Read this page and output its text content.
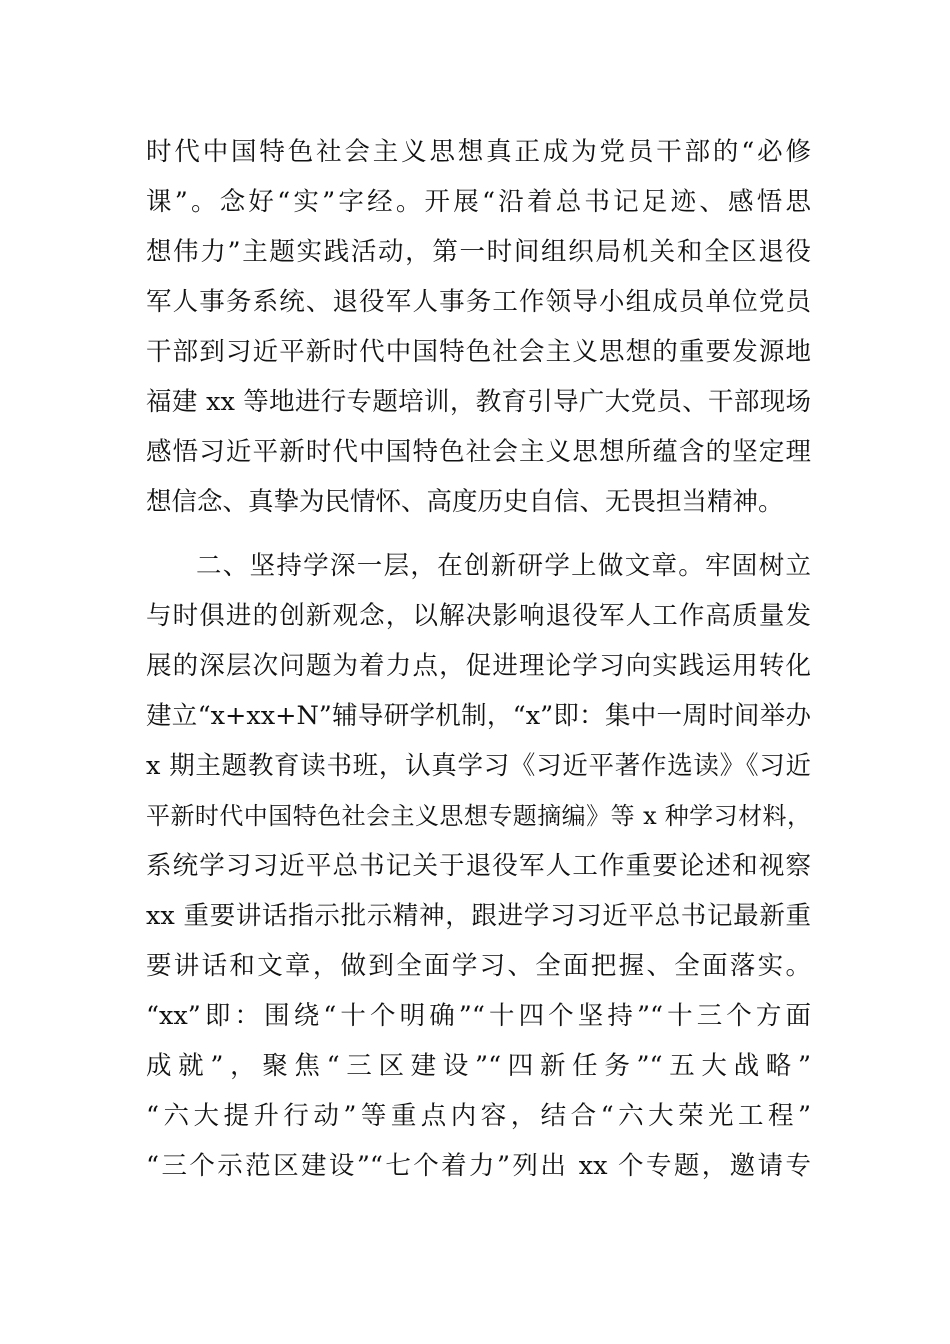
时代中国特色社会主义思想真正成为党员干部的“必修

课”。念好“实”字经。开展“沿着总书记足迹、感悟思

想伟力”主题实践活动，第一时间组织局机关和全区退役

军人事务系统、退役军人事务工作领导小组成员单位党员

干部到习近平新时代中国特色社会主义思想的重要发源地

福建 xx 等地进行专题培训，教育引导广大党员、干部现场

感悟习近平新时代中国特色社会主义思想所蕴含的坚定理

想信念、真挚为民情怀、高度历史自信、无畏担当精神。

二、坚持学深一层，在创新研学上做文章。牢固树立

与时俱进的创新观念，以解决影响退役军人工作高质量发

展的深层次问题为着力点，促进理论学习向实践运用转化

建立“x+xx+N”辅导研学机制，“x”即：集中一周时间举办

x 期主题教育读书班，认真学习《习近平著作选读》《习近

平新时代中国特色社会主义思想专题摘编》等 x 种学习材料，

系统学习习近平总书记关于退役军人工作重要论述和视察

xx 重要讲话指示批示精神，跟进学习习近平总书记最新重

要讲话和文章，做到全面学习、全面把握、全面落实。

“xx”即：围绕“十个明确”“十四个坚持”“十三个方面

成就”，聚焦“三区建设”“四新任务”“五大战略”

“六大提升行动”等重点内容，结合“六大荣光工程”

“三个示范区建设”“七个着力”列出 xx 个专题，邀请专
